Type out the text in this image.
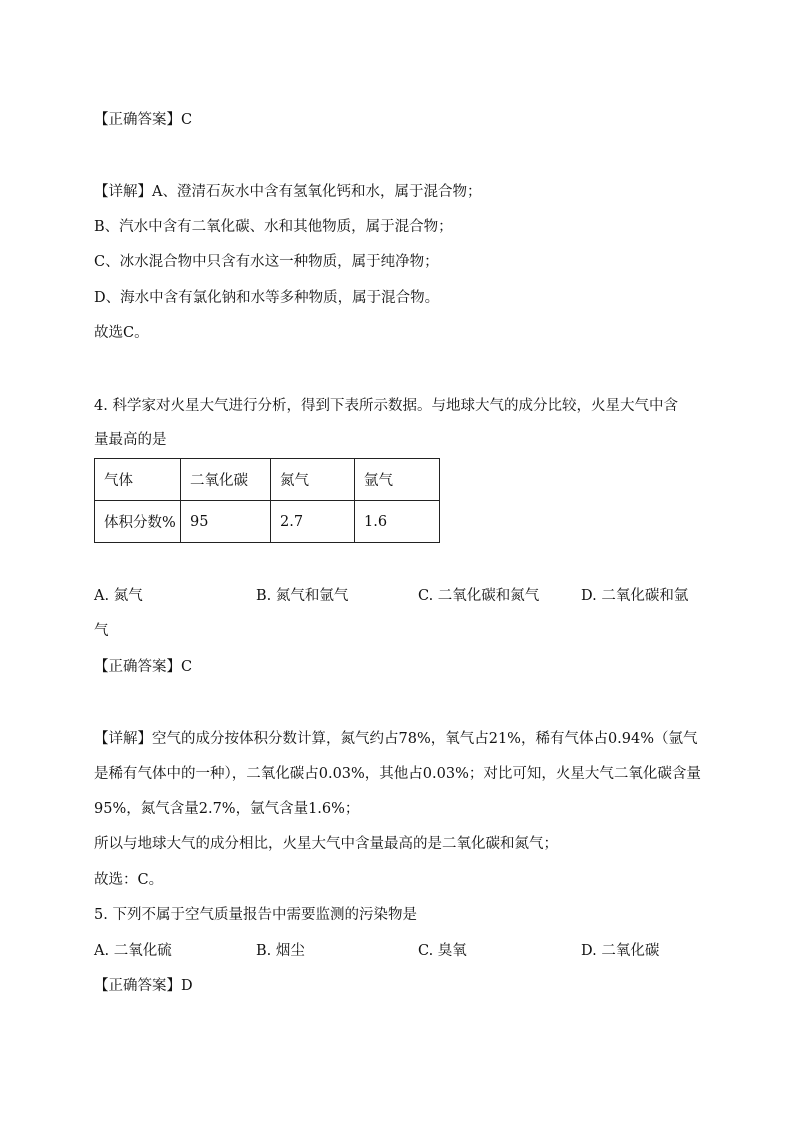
【正确答案】C
【详解】A、澄清石灰水中含有氢氧化钙和水，属于混合物；
B、汽水中含有二氧化碳、水和其他物质，属于混合物；
C、冰水混合物中只含有水这一种物质，属于纯净物；
D、海水中含有氯化钠和水等多种物质，属于混合物。
故选C。
4. 科学家对火星大气进行分析，得到下表所示数据。与地球大气的成分比较，火星大气中含
量最高的是
气体	二氧化碳	氮气	氩气
体积分数%	95	2.7	1.6
A. 氮气	B. 氮气和氩气	C. 二氧化碳和氮气	D. 二氧化碳和氩
气
【正确答案】C
【详解】空气的成分按体积分数计算，氮气约占78%，氧气占21%，稀有气体占0.94%（氩气
是稀有气体中的一种），二氧化碳占0.03%，其他占0.03%；对比可知，火星大气二氧化碳含量
95%，氮气含量2.7%，氩气含量1.6%；
所以与地球大气的成分相比，火星大气中含量最高的是二氧化碳和氮气；
故选：C。
5. 下列不属于空气质量报告中需要监测的污染物是
A. 二氧化硫	B. 烟尘	C. 臭氧	D. 二氧化碳
【正确答案】D
